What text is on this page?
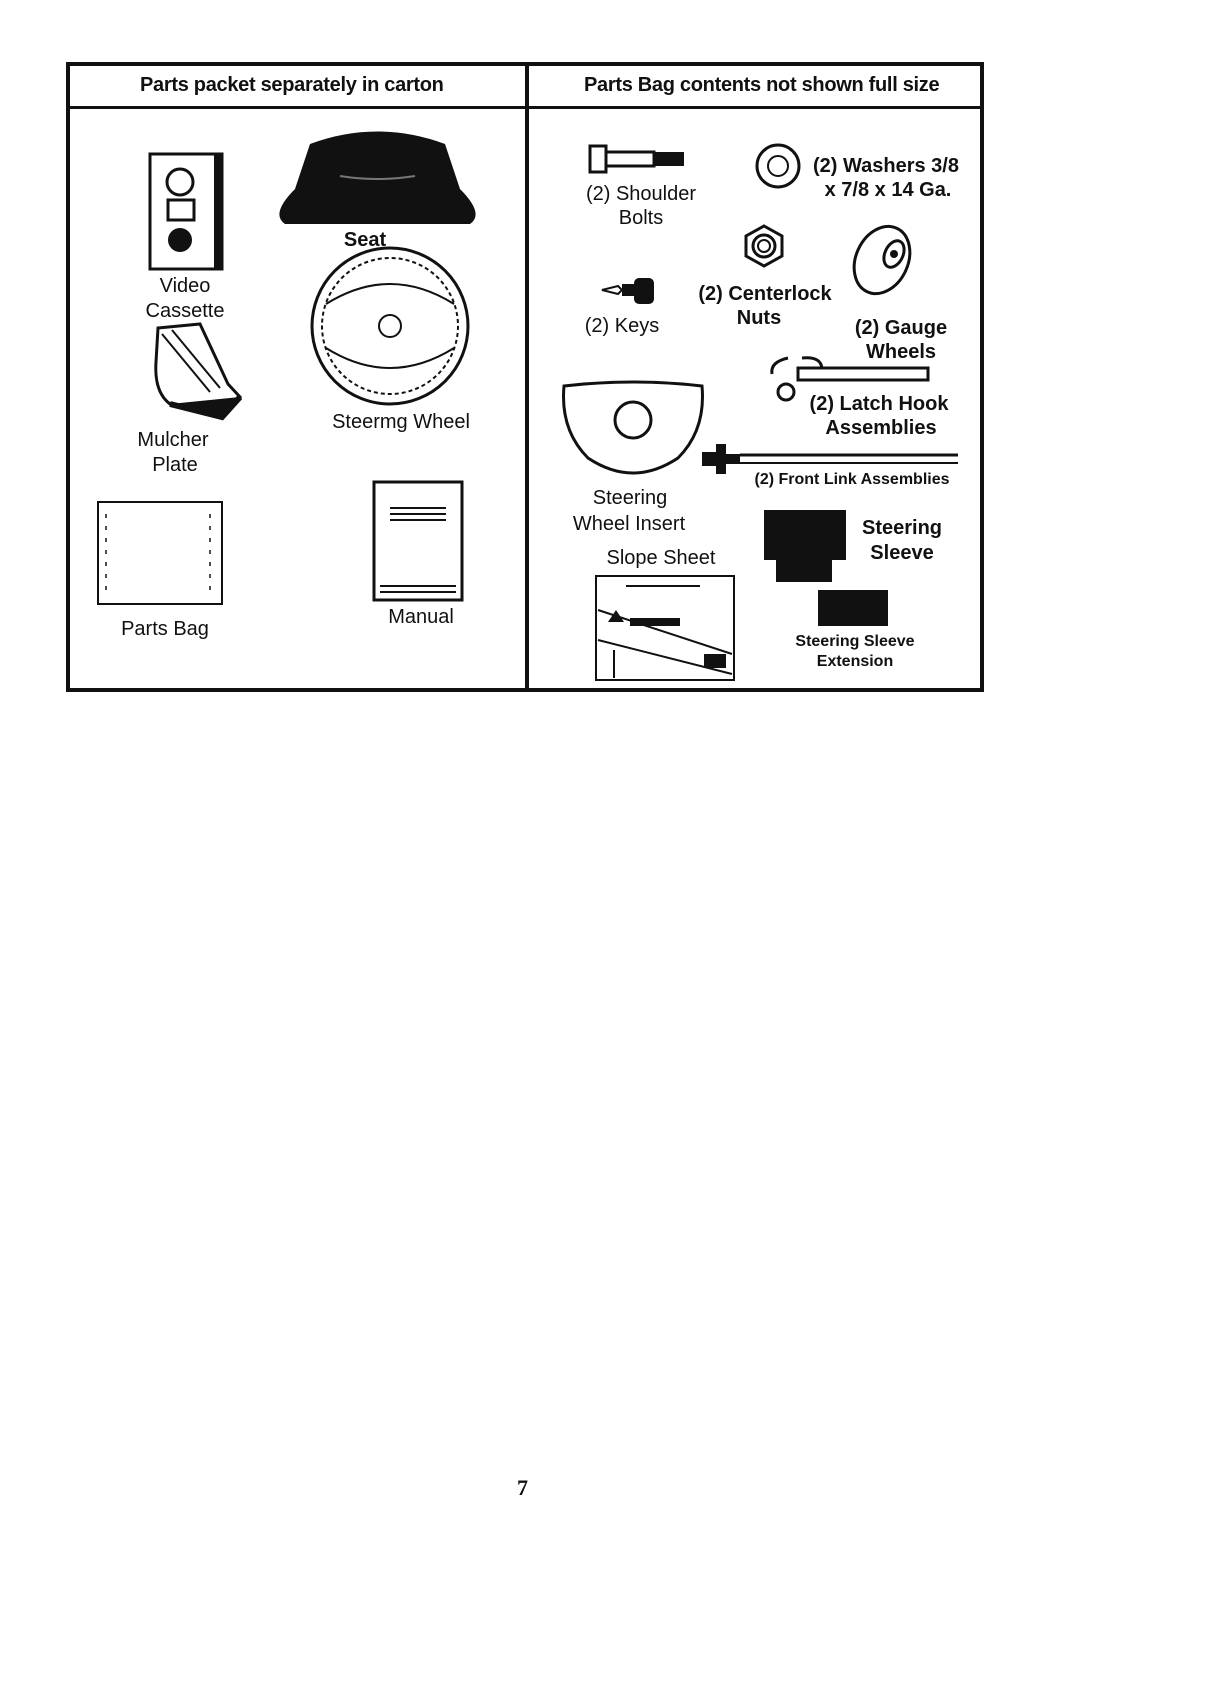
Parts packet separately in carton	Parts Bag contents not shown full size
Video
Cassette
Seat
Steermg Wheel
Mulcher
Plate
Parts Bag
Manual
(2) Shoulder
Bolts
(2) Washers 3/8
x 7/8 x 14 Ga.
(2) Gauge
Wheels
(2) Keys
(2) Centerlock
Nuts
(2) Latch Hook
Assemblies
(2) Front Link Assemblies
Steering
Wheel Insert
Slope Sheet
Steering
Sleeve
Steering Sleeve
Extension
7
